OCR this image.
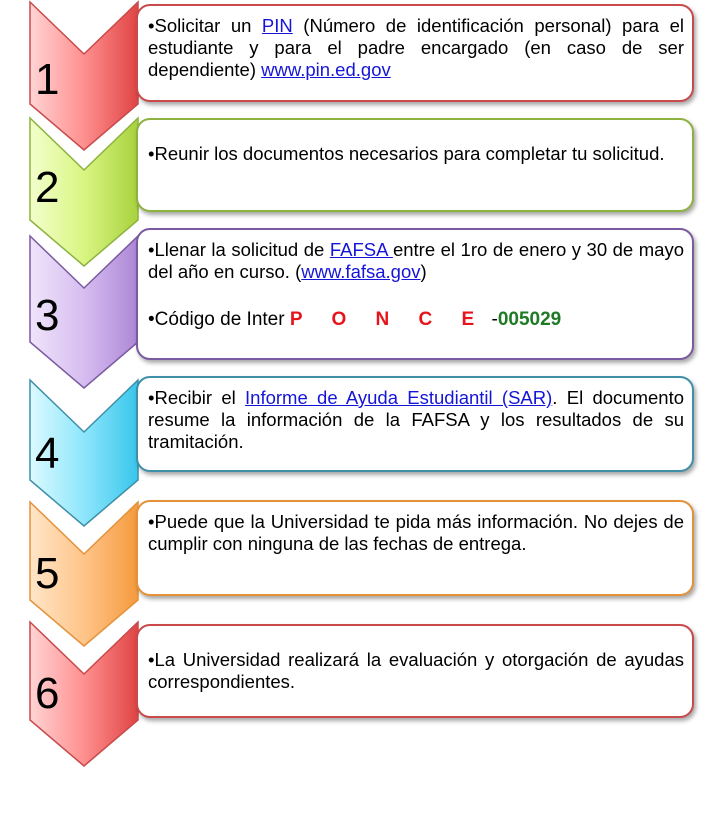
1

•Solicitar un PIN (Número de identificación personal) para el estudiante y para el padre encargado (en caso de ser dependiente) www.pin.ed.gov

2

•Reunir los documentos necesarios para completar tu solicitud.

3

•Llenar la solicitud de FAFSA entre el 1ro de enero y 30 de mayo del año en curso. (www.fafsa.gov)

•Código de Inter P O N C E -005029

4

•Recibir el Informe de Ayuda Estudiantil (SAR). El documento resume la información de la FAFSA y los resultados de su tramitación.

5

•Puede que la Universidad te pida más información. No dejes de cumplir con ninguna de las fechas de entrega.

6

•La Universidad realizará la evaluación y otorgación de ayudas correspondientes.
